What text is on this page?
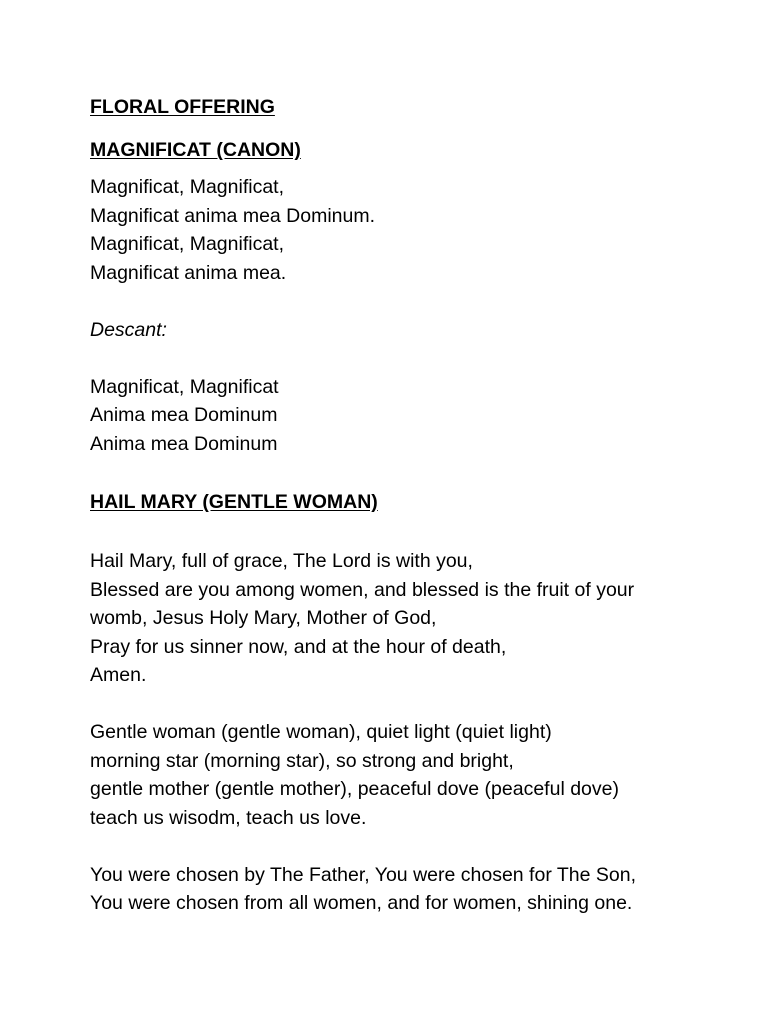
FLORAL OFFERING
MAGNIFICAT (CANON)
Magnificat, Magnificat,
Magnificat anima mea Dominum.
Magnificat, Magnificat,
Magnificat anima mea.
Descant:
Magnificat, Magnificat
Anima mea Dominum
Anima mea Dominum
HAIL MARY (GENTLE WOMAN)
Hail Mary, full of grace, The Lord is with you,
Blessed are you among women, and blessed is the fruit of your
womb, Jesus Holy Mary, Mother of God,
Pray for us sinner now, and at the hour of death,
Amen.
Gentle woman (gentle woman), quiet light (quiet light)
morning star (morning star), so strong and bright,
gentle mother (gentle mother), peaceful dove (peaceful dove)
teach us wisodm, teach us love.
You were chosen by The Father, You were chosen for The Son,
You were chosen from all women, and for women, shining one.
